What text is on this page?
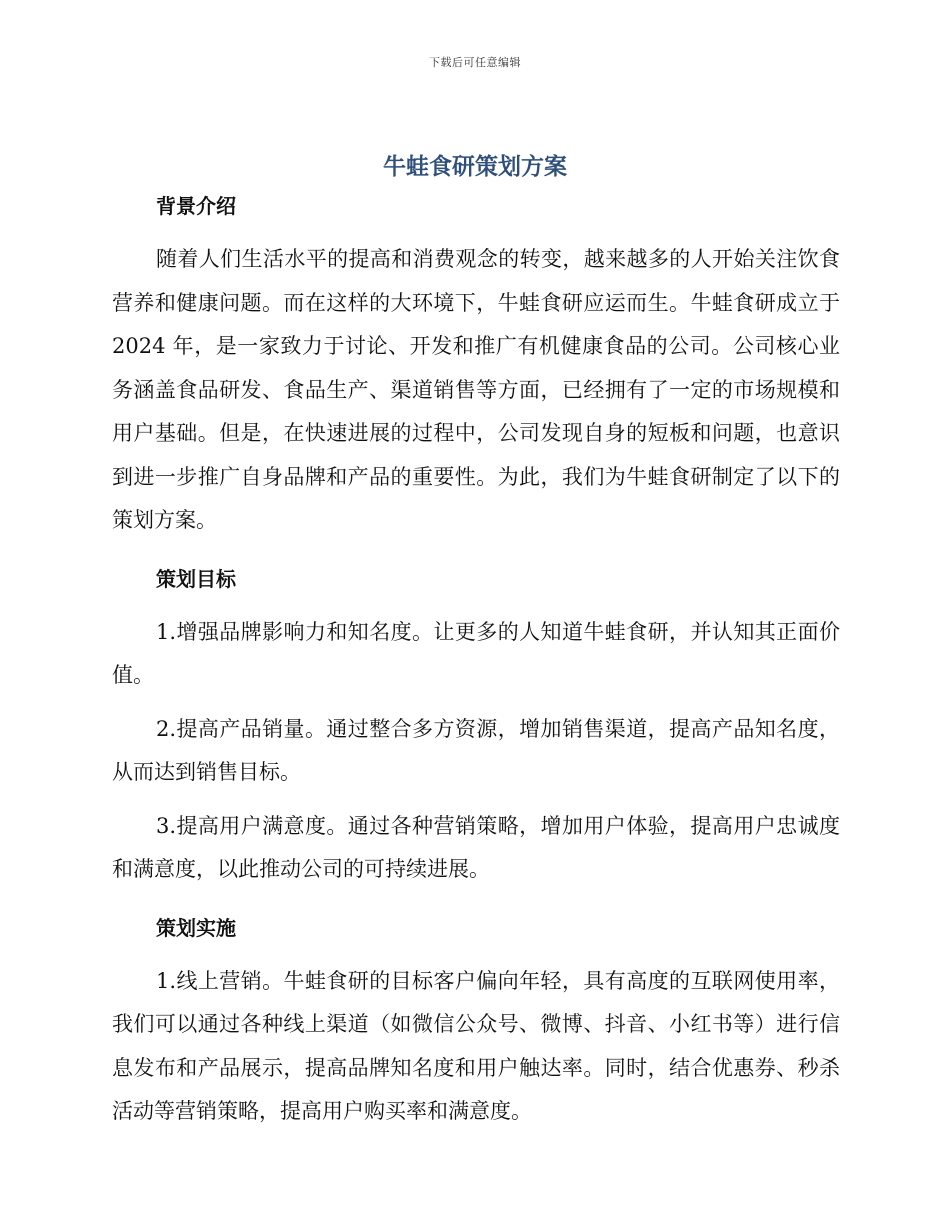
下载后可任意编辑
牛蛙食研策划方案
背景介绍

随着人们生活水平的提高和消费观念的转变，越来越多的人开始关注饮食营养和健康问题。而在这样的大环境下，牛蛙食研应运而生。牛蛙食研成立于 2024 年，是一家致力于讨论、开发和推广有机健康食品的公司。公司核心业务涵盖食品研发、食品生产、渠道销售等方面，已经拥有了一定的市场规模和用户基础。但是，在快速进展的过程中，公司发现自身的短板和问题，也意识到进一步推广自身品牌和产品的重要性。为此，我们为牛蛙食研制定了以下的策划方案。

策划目标

1.增强品牌影响力和知名度。让更多的人知道牛蛙食研，并认知其正面价值。

2.提高产品销量。通过整合多方资源，增加销售渠道，提高产品知名度，从而达到销售目标。

3.提高用户满意度。通过各种营销策略，增加用户体验，提高用户忠诚度和满意度，以此推动公司的可持续进展。

策划实施

1.线上营销。牛蛙食研的目标客户偏向年轻，具有高度的互联网使用率，我们可以通过各种线上渠道（如微信公众号、微博、抖音、小红书等）进行信息发布和产品展示，提高品牌知名度和用户触达率。同时，结合优惠券、秒杀活动等营销策略，提高用户购买率和满意度。
